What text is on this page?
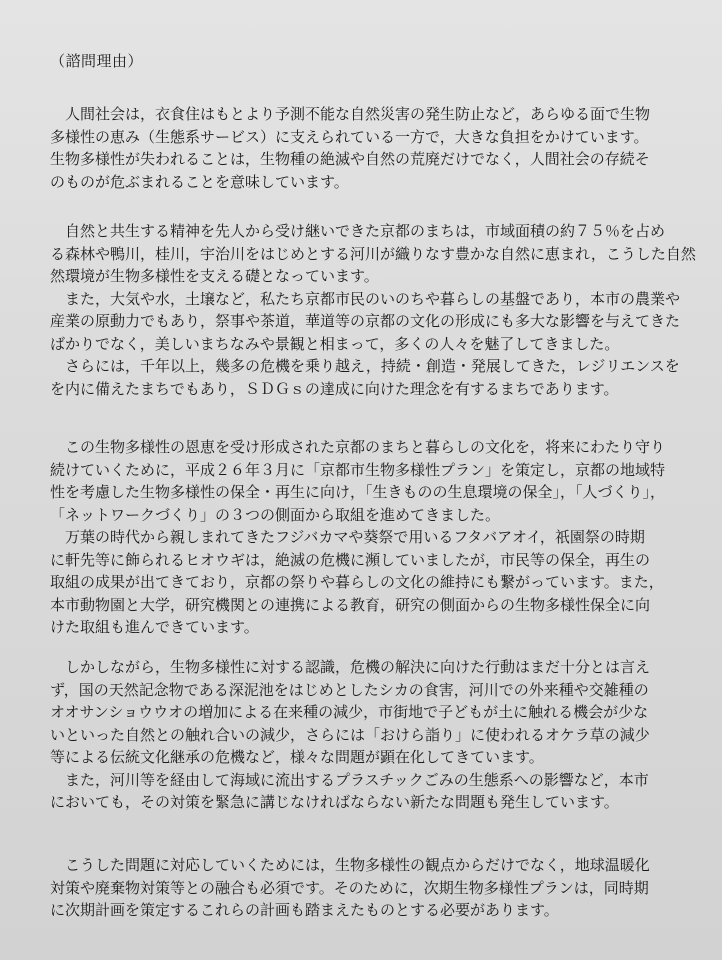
（諮問理由）
　人間社会は，衣食住はもとより予測不能な自然災害の発生防止など，あらゆる面で生物
多様性の恵み（生態系サービス）に支えられている一方で，大きな負担をかけています。
生物多様性が失われることは，生物種の絶滅や自然の荒廃だけでなく，人間社会の存続そ
のものが危ぶまれることを意味しています。
　自然と共生する精神を先人から受け継いできた京都のまちは，市域面積の約７５％を占め
る森林や鴨川，桂川，宇治川をはじめとする河川が織りなす豊かな自然に恵まれ，こうした自然
然環境が生物多様性を支える礎となっています。
　また，大気や水，土壌など，私たち京都市民のいのちや暮らしの基盤であり，本市の農業や
産業の原動力でもあり，祭事や茶道，華道等の京都の文化の形成にも多大な影響を与えてきた
ばかりでなく，美しいまちなみや景観と相まって，多くの人々を魅了してきました。
　さらには，千年以上，幾多の危機を乗り越え，持続・創造・発展してきた，レジリエンスを
を内に備えたまちでもあり，ＳＤＧｓの達成に向けた理念を有するまちであります。
　この生物多様性の恩恵を受け形成された京都のまちと暮らしの文化を，将来にわたり守り
続けていくために，平成２６年３月に「京都市生物多様性プラン」を策定し，京都の地域特
性を考慮した生物多様性の保全・再生に向け，「生きものの生息環境の保全」，「人づくり」，
「ネットワークづくり」の３つの側面から取組を進めてきました。
　万葉の時代から親しまれてきたフジバカマや葵祭で用いるフタバアオイ，祇園祭の時期
に軒先等に飾られるヒオウギは，絶滅の危機に瀕していましたが，市民等の保全，再生の
取組の成果が出てきており，京都の祭りや暮らしの文化の維持にも繋がっています。また，
本市動物園と大学，研究機関との連携による教育，研究の側面からの生物多様性保全に向
けた取組も進んできています。
　しかしながら，生物多様性に対する認識，危機の解決に向けた行動はまだ十分とは言え
ず，国の天然記念物である深泥池をはじめとしたシカの食害，河川での外来種や交雑種の
オオサンショウウオの増加による在来種の減少，市街地で子どもが土に触れる機会が少な
いといった自然との触れ合いの減少，さらには「おけら詣り」に使われるオケラ草の減少
等による伝統文化継承の危機など，様々な問題が顕在化してきています。
　また，河川等を経由して海域に流出するプラスチックごみの生態系への影響など，本市
においても，その対策を緊急に講じなければならない新たな問題も発生しています。
　こうした問題に対応していくためには，生物多様性の観点からだけでなく，地球温暖化
対策や廃棄物対策等との融合も必須です。そのために，次期生物多様性プランは，同時期
に次期計画を策定するこれらの計画も踏まえたものとする必要があります。
